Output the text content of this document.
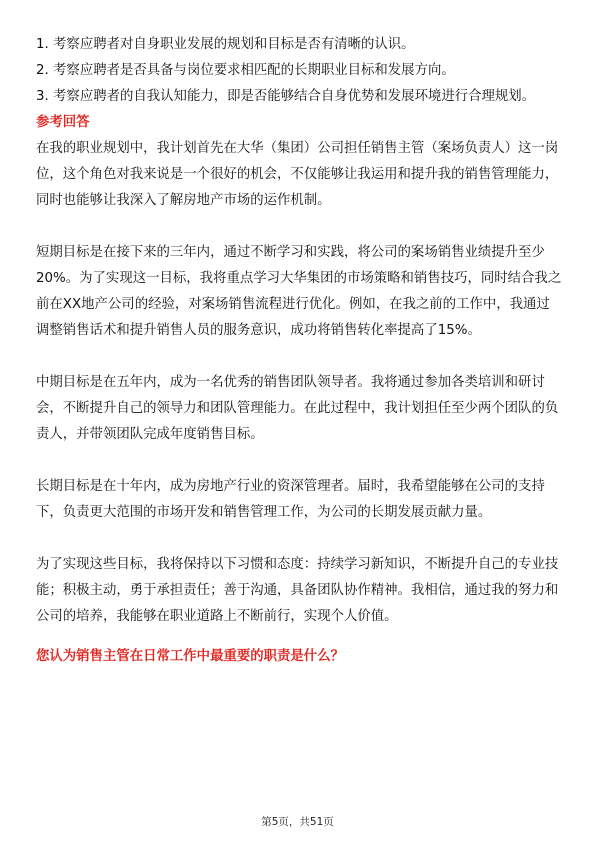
1. 考察应聘者对自身职业发展的规划和目标是否有清晰的认识。

2. 考察应聘者是否具备与岗位要求相匹配的长期职业目标和发展方向。

3. 考察应聘者的自我认知能力，即是否能够结合自身优势和发展环境进行合理规划。

参考回答

在我的职业规划中，我计划首先在大华（集团）公司担任销售主管（案场负责人）这一岗位，这个角色对我来说是一个很好的机会，不仅能够让我运用和提升我的销售管理能力，同时也能够让我深入了解房地产市场的运作机制。

短期目标是在接下来的三年内，通过不断学习和实践，将公司的案场销售业绩提升至少20%。为了实现这一目标，我将重点学习大华集团的市场策略和销售技巧，同时结合我之前在XX地产公司的经验，对案场销售流程进行优化。例如，在我之前的工作中，我通过调整销售话术和提升销售人员的服务意识，成功将销售转化率提高了15%。

中期目标是在五年内，成为一名优秀的销售团队领导者。我将通过参加各类培训和研讨会，不断提升自己的领导力和团队管理能力。在此过程中，我计划担任至少两个团队的负责人，并带领团队完成年度销售目标。

长期目标是在十年内，成为房地产行业的资深管理者。届时，我希望能够在公司的支持下，负责更大范围的市场开发和销售管理工作，为公司的长期发展贡献力量。

为了实现这些目标，我将保持以下习惯和态度：持续学习新知识，不断提升自己的专业技能；积极主动，勇于承担责任；善于沟通，具备团队协作精神。我相信，通过我的努力和公司的培养，我能够在职业道路上不断前行，实现个人价值。

您认为销售主管在日常工作中最重要的职责是什么？

第5页，共51页
